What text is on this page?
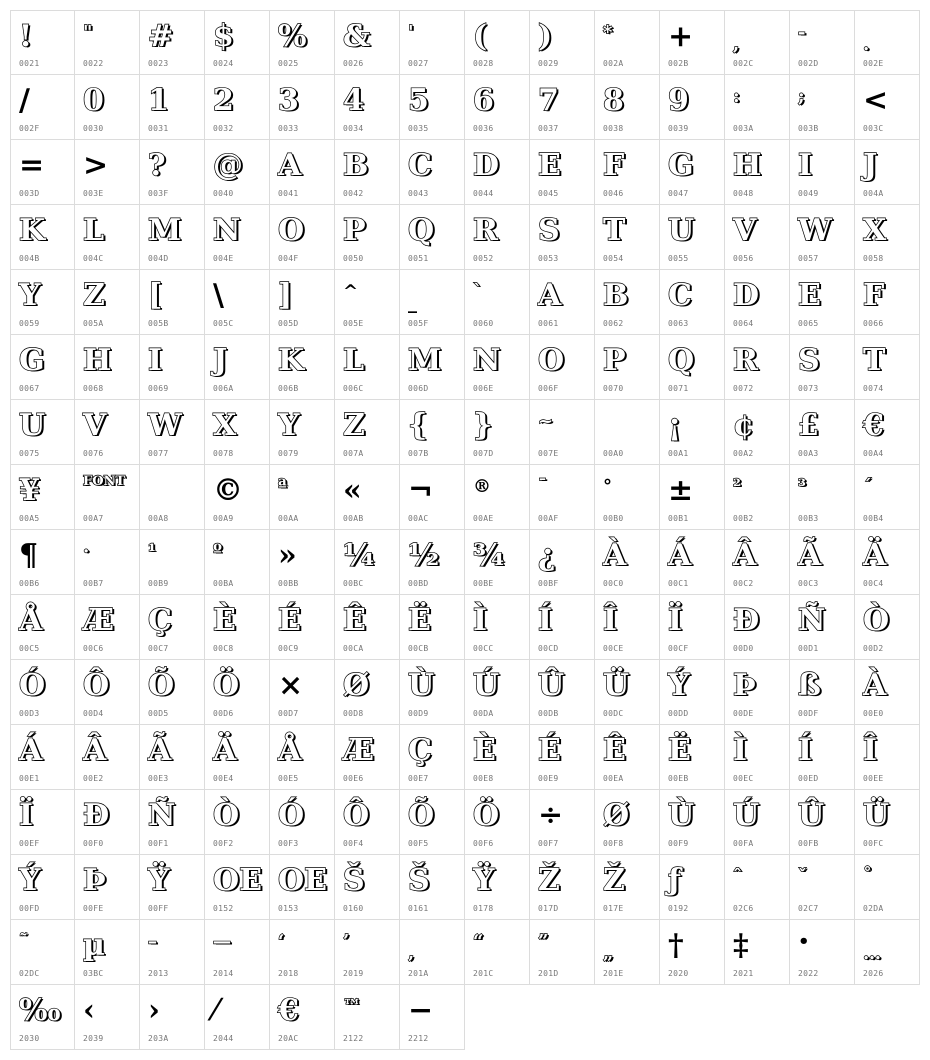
!
0021
"
0022
#
0023
$
0024
%
0025
&
0026
'
0027
(
0028
)
0029
*
002A
+
002B
,
002C
-
002D
.
002E
/
002F
0
0030
1
0031
2
0032
3
0033
4
0034
5
0035
6
0036
7
0037
8
0038
9
0039
:
003A
;
003B
<
003C
=
003D
>
003E
?
003F
@
0040
A
0041
B
0042
C
0043
D
0044
E
0045
F
0046
G
0047
H
0048
I
0049
J
004A
K
004B
L
004C
M
004D
N
004E
O
004F
P
0050
Q
0051
R
0052
S
0053
T
0054
U
0055
V
0056
W
0057
X
0058
Y
0059
Z
005A
[
005B
\
005C
]
005D
^
005E
_
005F
`
0060
A
0061
B
0062
C
0063
D
0064
E
0065
F
0066
G
0067
H
0068
I
0069
J
006A
K
006B
L
006C
M
006D
N
006E
O
006F
P
0070
Q
0071
R
0072
S
0073
T
0074
U
0075
V
0076
W
0077
X
0078
Y
0079
Z
007A
{
007B
}
007D
~
007E	00A0
¡
00A1
¢
00A2
£
00A3
€
00A4
¥
00A5
FONT
00A7	00A8
©
00A9
ª
00AA
«
00AB
¬
00AC
®
00AE
¯
00AF
°
00B0
±
00B1
²
00B2
³
00B3
´
00B4
¶
00B6
·
00B7
¹
00B9
º
00BA
»
00BB
¼
00BC
½
00BD
¾
00BE
¿
00BF
À
00C0
Á
00C1
Â
00C2
Ã
00C3
Ä
00C4
Å
00C5
Æ
00C6
Ç
00C7
È
00C8
É
00C9
Ê
00CA
Ë
00CB
Ì
00CC
Í
00CD
Î
00CE
Ï
00CF
Ð
00D0
Ñ
00D1
Ò
00D2
Ó
00D3
Ô
00D4
Õ
00D5
Ö
00D6
×
00D7
Ø
00D8
Ù
00D9
Ú
00DA
Û
00DB
Ü
00DC
Ý
00DD
Þ
00DE
ß
00DF
À
00E0
Á
00E1
Â
00E2
Ã
00E3
Ä
00E4
Å
00E5
Æ
00E6
Ç
00E7
È
00E8
É
00E9
Ê
00EA
Ë
00EB
Ì
00EC
Í
00ED
Î
00EE
Ï
00EF
Ð
00F0
Ñ
00F1
Ò
00F2
Ó
00F3
Ô
00F4
Õ
00F5
Ö
00F6
÷
00F7
Ø
00F8
Ù
00F9
Ú
00FA
Û
00FB
Ü
00FC
Ý
00FD
Þ
00FE
Ÿ
00FF
OE
0152
OE
0153
Š
0160
Š
0161
Ÿ
0178
Ž
017D
Ž
017E
ƒ
0192
ˆ
02C6
ˇ
02C7
˚
02DA
˜
02DC
µ
03BC
–
2013
—
2014
‘
2018
’
2019
‚
201A
“
201C
”
201D
„
201E
†
2020
‡
2021
•
2022
…
2026
‰
2030
‹
2039
›
203A
⁄
2044
€
20AC
™
2122
−
2212
